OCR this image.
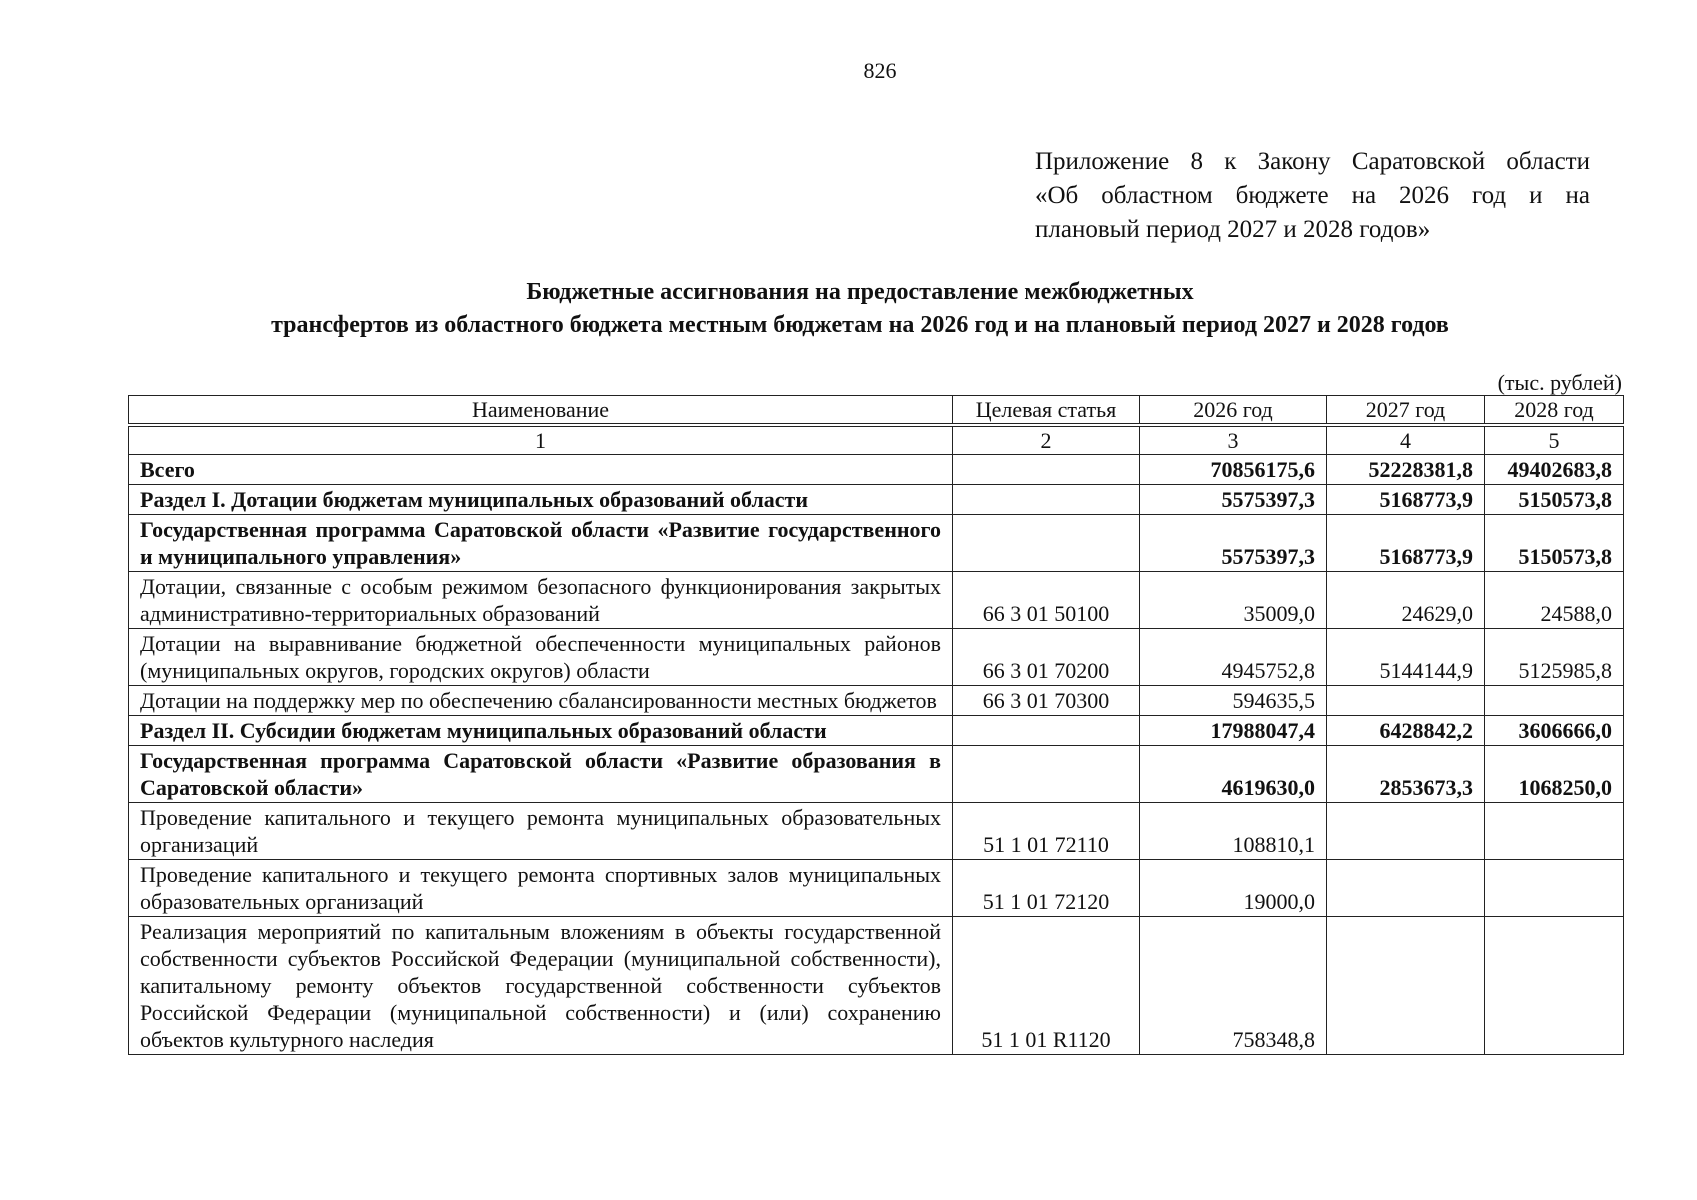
826
Приложение 8 к Закону Саратовской области
«Об областном бюджете на 2026 год и на
плановый период 2027 и 2028 годов»
Бюджетные ассигнования на предоставление межбюджетных
трансфертов из областного бюджета местным бюджетам на 2026 год и на плановый период 2027 и 2028 годов
(тыс. рублей)
Наименование	Целевая статья	2026 год	2027 год	2028 год

1	2	3	4	5
Всего		70856175,6	52228381,8	49402683,8
Раздел I. Дотации бюджетам муниципальных образований области		5575397,3	5168773,9	5150573,8
Государственная программа Саратовской области «Развитие государственного и муниципального управления»		5575397,3	5168773,9	5150573,8
Дотации, связанные с особым режимом безопасного функционирования закрытых административно-территориальных образований	66 3 01 50100	35009,0	24629,0	24588,0
Дотации на выравнивание бюджетной обеспеченности муниципальных районов (муниципальных округов, городских округов) области	66 3 01 70200	4945752,8	5144144,9	5125985,8
Дотации на поддержку мер по обеспечению сбалансированности местных бюджетов	66 3 01 70300	594635,5		
Раздел II. Субсидии бюджетам муниципальных образований области		17988047,4	6428842,2	3606666,0
Государственная программа Саратовской области «Развитие образования в Саратовской области»		4619630,0	2853673,3	1068250,0
Проведение капитального и текущего ремонта муниципальных образовательных организаций	51 1 01 72110	108810,1		
Проведение капитального и текущего ремонта спортивных залов муниципальных образовательных организаций	51 1 01 72120	19000,0		
Реализация мероприятий по капитальным вложениям в объекты государственной собственности субъектов Российской Федерации (муниципальной собственности), капитальному ремонту объектов государственной собственности субъектов Российской Федерации (муниципальной собственности) и (или) сохранению объектов культурного наследия	51 1 01 R1120	758348,8		
